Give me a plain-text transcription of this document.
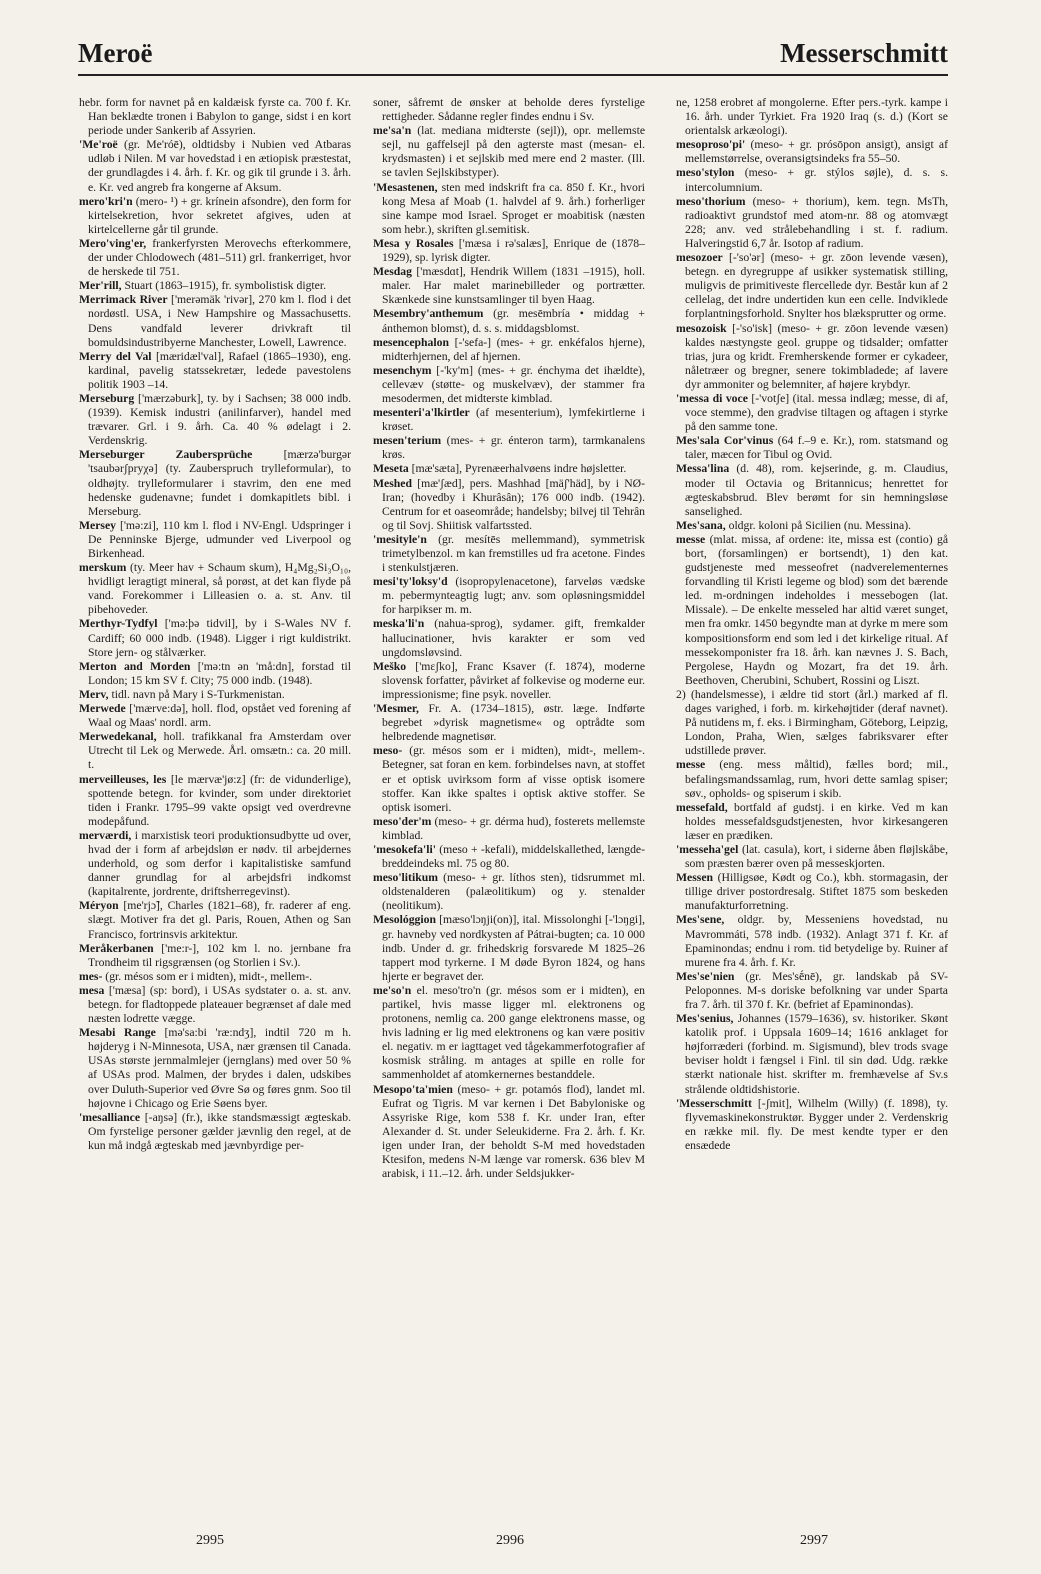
Meroë	Messerschmitt
hebr. form for navnet på en kaldæisk fyrste ca. 700 f. Kr. Han beklædte tronen i Babylon to gange, sidst i en kort periode under Sankerib af Assyrien.
'Me'roë (gr. Me'róē), oldtidsby i Nubien ved Atbaras udløb i Nilen. M var hovedstad i en ætiopisk præstestat, der grundlagdes i 4. årh. f. Kr. og gik til grunde i 3. årh. e. Kr. ved angreb fra kongerne af Aksum.
mero'kri'n (mero- ¹) + gr. krínein afsondre), den form for kirtelsekretion, hvor sekretet afgives, uden at kirtelcellerne går til grunde.
Mero'ving'er, frankerfyrsten Merovechs efterkommere, der under Chlodowech (481–511) grl. frankerriget, hvor de herskede til 751.
Mer'rill, Stuart (1863–1915), fr. symbolistisk digter.
Merrimack River ['merəmäk 'rivər], 270 km l. flod i det nordøstl. USA, i New Hampshire og Massachusetts. Dens vandfald leverer drivkraft til bomuldsindustribyerne Manchester, Lowell, Lawrence.
Merry del Val [mæridæl'val], Rafael (1865–1930), eng. kardinal, pavelig statssekretær, ledede pavestolens politik 1903 –14.
Merseburg ['mærzəburk], ty. by i Sachsen; 38 000 indb. (1939). Kemisk industri (anilinfarver), handel med trævarer. Grl. i 9. årh. Ca. 40 % ødelagt i 2. Verdenskrig.
Merseburger Zaubersprüche	[mærzə'burgər 'tsaubərʃpryχə] (ty. Zauberspruch trylleformular), to oldhøjty. trylleformularer i stavrim, den ene med hedenske gudenavne; fundet i domkapitlets bibl. i Merseburg.
Mersey ['mə:zi], 110 km l. flod i NV-Engl. Udspringer i De Penninske Bjerge, udmunder ved Liverpool og Birkenhead.
merskum (ty. Meer hav + Schaum skum), H₄Mg₂Si₃O₁₀, hvidligt leragtigt mineral, så porøst, at det kan flyde på vand. Forekommer i Lilleasien o. a. st. Anv. til pibehoveder.
Merthyr-Tydfyl ['mə:þə tidvil], by i S-Wales NV f. Cardiff; 60 000 indb. (1948). Ligger i rigt kuldistrikt. Store jern- og stålværker.
Merton and Morden ['mə:tn ən 'må:dn], forstad til London; 15 km SV f. City; 75 000 indb. (1948).
Merv, tidl. navn på Mary i S-Turkmenistan.
Merwede ['mærve:də], holl. flod, opstået ved forening af Waal og Maas' nordl. arm.
Merwedekanal, holl. trafikkanal fra Amsterdam over Utrecht til Lek og Merwede. Årl. omsætn.: ca. 20 mill. t.
merveilleuses, les [le mærvæ'jø:z] (fr: de vidunderlige), spottende betegn. for kvinder, som under direktoriet tiden i Frankr. 1795–99 vakte opsigt ved overdrevne modepåfund.
merværdi, i marxistisk teori produktionsudbytte ud over, hvad der i form af arbejdsløn er nødv. til arbejdernes underhold, og som derfor i kapitalistiske samfund danner grundlag for al arbejdsfri indkomst (kapitalrente, jordrente, driftsherregevinst).
Méryon [me'rjɔ̃], Charles (1821–68), fr. raderer af eng. slægt. Motiver fra det gl. Paris, Rouen, Athen og San Francisco, fortrinsvis arkitektur.
Meråkerbanen ['me:r-], 102 km l. no. jernbane fra Trondheim til rigsgrænsen (og Storlien i Sv.).
mes- (gr. mésos som er i midten), midt-, mellem-.
mesa ['mæsa] (sp: bord), i USAs sydstater o. a. st. anv. betegn. for fladtoppede plateauer begrænset af dale med næsten lodrette vægge.
Mesabi Range [mə'sa:bi 'ræ:ndʒ], indtil 720 m h. højderyg i N-Minnesota, USA, nær grænsen til Canada. USAs største jernmalmlejer (jernglans) med over 50 % af USAs prod. Malmen, der brydes i dalen, udskibes over Duluth-Superior ved Øvre Sø og føres gnm. Soo til højovne i Chicago og Erie Søens byer.
'mesalliance [-aŋsə] (fr.), ikke standsmæssigt ægteskab. Om fyrstelige personer gælder jævnlig den regel, at de kun må indgå ægteskab med jævnbyrdige per-
soner, såfremt de ønsker at beholde deres fyrstelige rettigheder. Sådanne regler findes endnu i Sv.
me'sa'n (lat. mediana midterste (sejl)), opr. mellemste sejl, nu gaffelsejl på den agterste mast (mesan- el. krydsmasten) i et sejlskib med mere end 2 master. (Ill. se tavlen Sejlskibstyper).
'Mesastenen, sten med indskrift fra ca. 850 f. Kr., hvori kong Mesa af Moab (1. halvdel af 9. årh.) forherliger sine kampe mod Israel. Sproget er moabitisk (næsten som hebr.), skriften gl.semitisk.
Mesa y Rosales ['mæsa i rə'salæs], Enrique de (1878–1929), sp. lyrisk digter.
Mesdag ['mæsdɑt], Hendrik Willem (1831 –1915), holl. maler. Har malet marinebilleder og portrætter. Skænkede sine kunstsamlinger til byen Haag.
Mesembry'anthemum (gr. mesēmbría • middag + ánthemon blomst), d. s. s. middagsblomst.
mesencephalon [-'sefa-] (mes- + gr. enkéfalos hjerne), midterhjernen, del af hjernen.
mesenchym [-'ky'm] (mes- + gr. énchyma det ihældte), cellevæv (støtte- og muskelvæv), der stammer fra mesodermen, det midterste kimblad.
mesenteri'a'lkirtler (af mesenterium), lymfekirtlerne i krøset.
mesen'terium (mes- + gr. énteron tarm), tarmkanalens krøs.
Meseta [mæ'sæta], Pyrenæerhalvøens indre højsletter.
Meshed [mæ'ʃæd], pers. Mashhad [mäʃ'häd], by i NØ-Iran; (hovedby i Khurâsân); 176 000 indb. (1942). Centrum for et oaseområde; handelsby; bilvej til Tehrân og til Sovj. Shiitisk valfartssted.
'mesityle'n (gr. mesítēs mellemmand), symmetrisk trimetylbenzol. m kan fremstilles ud fra acetone. Findes i stenkulstjæren.
mesi'ty'loksy'd (isopropylenacetone), farveløs vædske m. pebermynteagtig lugt; anv. som opløsningsmiddel for harpikser m. m.
meska'li'n (nahua-sprog), sydamer. gift, fremkalder hallucinationer, hvis karakter er som ved ungdomsløvsind.
Meško ['mɛʃko], Franc Ksaver (f. 1874), moderne slovensk forfatter, påvirket af folkevise og moderne eur. impressionisme; fine psyk. noveller.
'Mesmer, Fr. A. (1734–1815), østr. læge. Indførte begrebet »dyrisk magnetisme« og optrådte som helbredende magnetisør.
meso- (gr. mésos som er i midten), midt-, mellem-. Betegner, sat foran en kem. forbindelses navn, at stoffet er et optisk uvirksom form af visse optisk isomere stoffer. Kan ikke spaltes i optisk aktive stoffer. Se optisk isomeri.
meso'der'm (meso- + gr. dérma hud), fosterets mellemste kimblad.
'mesokefa'li' (meso + -kefali), middelskallethed, længde-breddeindeks ml. 75 og 80.
meso'litikum (meso- + gr. líthos sten), tidsrummet ml. oldstenalderen (palæolitikum) og y. stenalder (neolitikum).
Mesológgion [mæso'lɔŋji(on)], ital. Missolonghi [-'lɔŋgi], gr. havneby ved nordkysten af Pátrai-bugten; ca. 10 000 indb. Under d. gr. frihedskrig forsvarede M 1825–26 tappert mod tyrkerne. I M døde Byron 1824, og hans hjerte er begravet der.
me'so'n el. meso'tro'n (gr. mésos som er i midten), en partikel, hvis masse ligger ml. elektronens og protonens, nemlig ca. 200 gange elektronens masse, og hvis ladning er lig med elektronens og kan være positiv el. negativ. m er iagttaget ved tågekammerfotografier af kosmisk stråling. m antages at spille en rolle for sammenholdet af atomkernernes bestanddele.
Mesopo'ta'mien (meso- + gr. potamós flod), landet ml. Eufrat og Tigris. M var kernen i Det Babyloniske og Assyriske Rige, kom 538 f. Kr. under Iran, efter Alexander d. St. under Seleukiderne. Fra 2. årh. f. Kr. igen under Iran, der beholdt S-M med hovedstaden Ktesifon, medens N-M længe var romersk. 636 blev M arabisk, i 11.–12. årh. under Seldsjukker-
ne, 1258 erobret af mongolerne. Efter pers.-tyrk. kampe i 16. årh. under Tyrkiet. Fra 1920 Iraq (s. d.) (Kort se orientalsk arkæologi).
mesoproso'pi' (meso- + gr. prósōpon ansigt), ansigt af mellemstørrelse, overansigtsindeks fra 55–50.
meso'stylon (meso- + gr. stýlos søjle), d. s. s. intercolumnium.
meso'thorium (meso- + thorium), kem. tegn. MsTh, radioaktivt grundstof med atom-nr. 88 og atomvægt 228; anv. ved strålebehandling i st. f. radium. Halveringstid 6,7 år. Isotop af radium.
mesozoer [-'so'ər] (meso- + gr. zōon levende væsen), betegn. en dyregruppe af usikker systematisk stilling, muligvis de primitiveste flercellede dyr. Består kun af 2 cellelag, det indre undertiden kun een celle. Indviklede forplantningsforhold. Snylter hos blæksprutter og orme.
mesozoisk [-'so'isk] (meso- + gr. zōon levende væsen) kaldes næstyngste geol. gruppe og tidsalder; omfatter trias, jura og kridt. Fremherskende former er cykadeer, nåletræer og bregner, senere tokimbladede; af lavere dyr ammoniter og belemniter, af højere krybdyr.
'messa di voce [-'votʃe] (ital. messa indlæg; messe, di af, voce stemme), den gradvise tiltagen og aftagen i styrke på den samme tone.
Mes'sala Cor'vinus (64 f.–9 e. Kr.), rom. statsmand og taler, mæcen for Tibul og Ovid.
Messa'lina (d. 48), rom. kejserinde, g. m. Claudius, moder til Octavia og Britannicus; henrettet for ægteskabsbrud. Blev berømt for sin hemningsløse sanselighed.
Mes'sana, oldgr. koloni på Sicilien (nu. Messina).
messe (mlat. missa, af ordene: ite, missa est (contio) gå bort, (forsamlingen) er bortsendt), 1) den kat. gudstjeneste med messeofret (nadverelementernes forvandling til Kristi legeme og blod) som det bærende led. m-ordningen indeholdes i messebogen (lat. Missale). – De enkelte messeled har altid været sunget, men fra omkr. 1450 begyndte man at dyrke m mere som kompositionsform end som led i det kirkelige ritual. Af messekomponister fra 18. årh. kan nævnes J. S. Bach, Pergolese, Haydn og Mozart, fra det 19. årh. Beethoven, Cherubini, Schubert, Rossini og Liszt.
2) (handelsmesse), i ældre tid stort (årl.) marked af fl. dages varighed, i forb. m. kirkehøjtider (deraf navnet). På nutidens m, f. eks. i Birmingham, Göteborg, Leipzig, London, Praha, Wien, sælges fabriksvarer efter udstillede prøver.
messe (eng. mess måltid), fælles bord; mil., befalingsmandssamlag, rum, hvori dette samlag spiser; søv., opholds- og spiserum i skib.
messefald, bortfald af gudstj. i en kirke. Ved m kan holdes messefaldsgudstjenesten, hvor kirkesangeren læser en prædiken.
'messeha'gel (lat. casula), kort, i siderne åben fløjlskåbe, som præsten bærer oven på messeskjorten.
Messen (Hilligsøe, Kødt og Co.), kbh. stormagasin, der tillige driver postordresalg. Stiftet 1875 som beskeden manufakturforretning.
Mes'sene, oldgr. by, Messeniens hovedstad, nu Mavrommáti, 578 indb. (1932). Anlagt 371 f. Kr. af Epaminondas; endnu i rom. tid betydelige by. Ruiner af murene fra 4. årh. f. Kr.
Mes'se'nien (gr. Mes'sḗnē), gr. landskab på SV-Peloponnes. M-s doriske befolkning var under Sparta fra 7. årh. til 370 f. Kr. (befriet af Epaminondas).
Mes'senius, Johannes (1579–1636), sv. historiker. Skønt katolik prof. i Uppsala 1609–14; 1616 anklaget for højforræderi (forbind. m. Sigismund), blev trods svage beviser holdt i fængsel i Finl. til sin død. Udg. række stærkt nationale hist. skrifter m. fremhævelse af Sv.s strålende oldtidshistorie.
'Messerschmitt [-ʃmit], Wilhelm (Willy) (f. 1898), ty. flyvemaskinekonstruktør. Bygger under 2. Verdenskrig en række mil. fly. De mest kendte typer er den ensædede
2995	2996	2997
